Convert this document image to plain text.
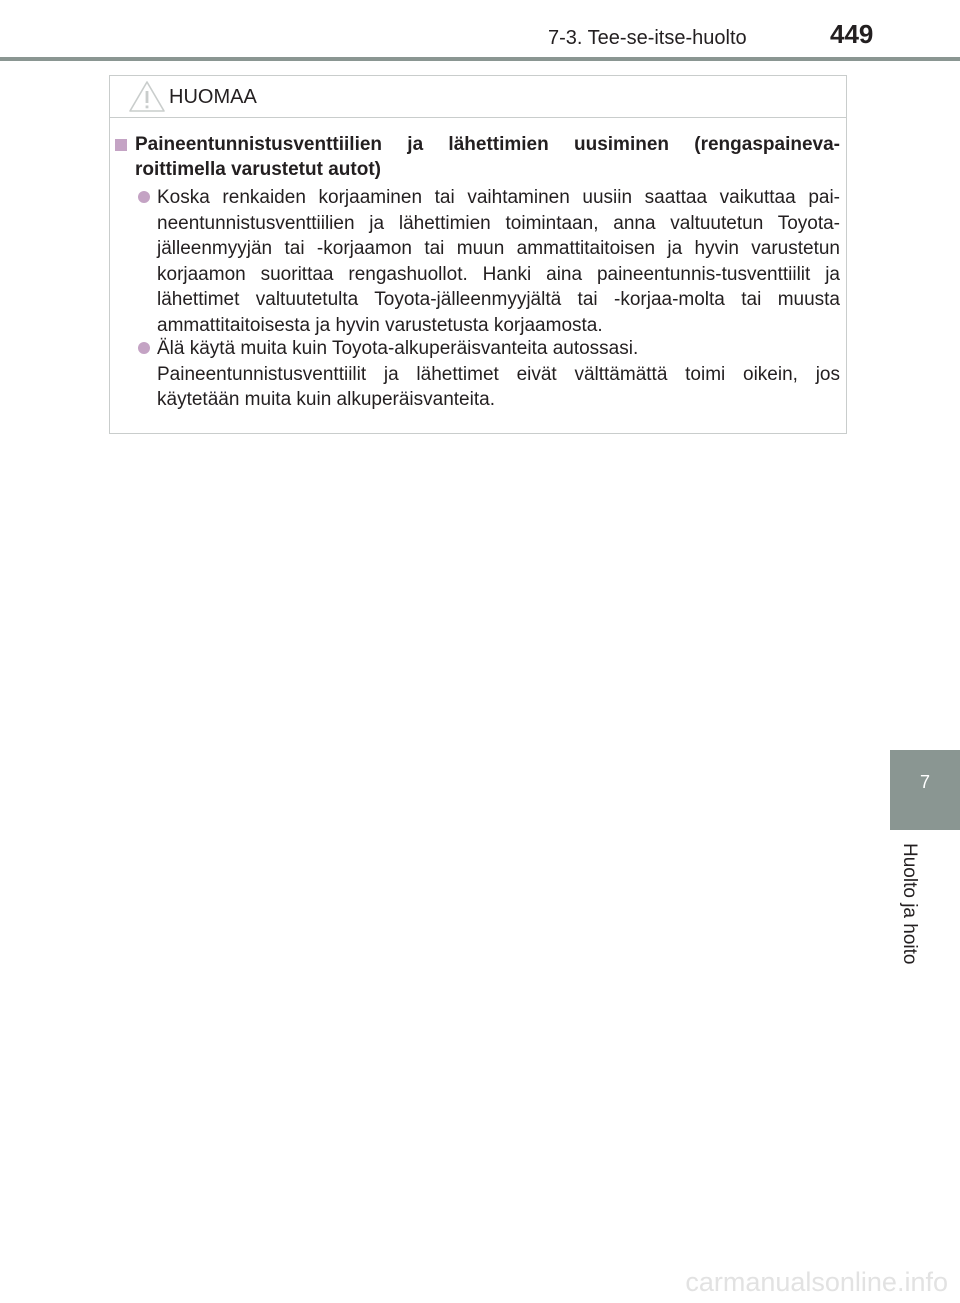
7-3. Tee-se-itse-huolto	449
HUOMAA
Paineentunnistusventtiilien ja lähettimien uusiminen (rengaspaineva-roittimella varustetut autot)
Koska renkaiden korjaaminen tai vaihtaminen uusiin saattaa vaikuttaa pai-neentunnistusventtiilien ja lähettimien toimintaan, anna valtuutetun Toyota-jälleenmyyjän tai -korjaamon tai muun ammattitaitoisen ja hyvin varustetun korjaamon suorittaa rengashuollot. Hanki aina paineentunnis-tusventtiilit ja lähettimet valtuutetulta Toyota-jälleenmyyjältä tai -korjaa-molta tai muusta ammattitaitoisesta ja hyvin varustetusta korjaamosta.
Älä käytä muita kuin Toyota-alkuperäisvanteita autossasi.
Paineentunnistusventtiilit ja lähettimet eivät välttämättä toimi oikein, jos käytetään muita kuin alkuperäisvanteita.
7
Huolto ja hoito
carmanualsonline.info
